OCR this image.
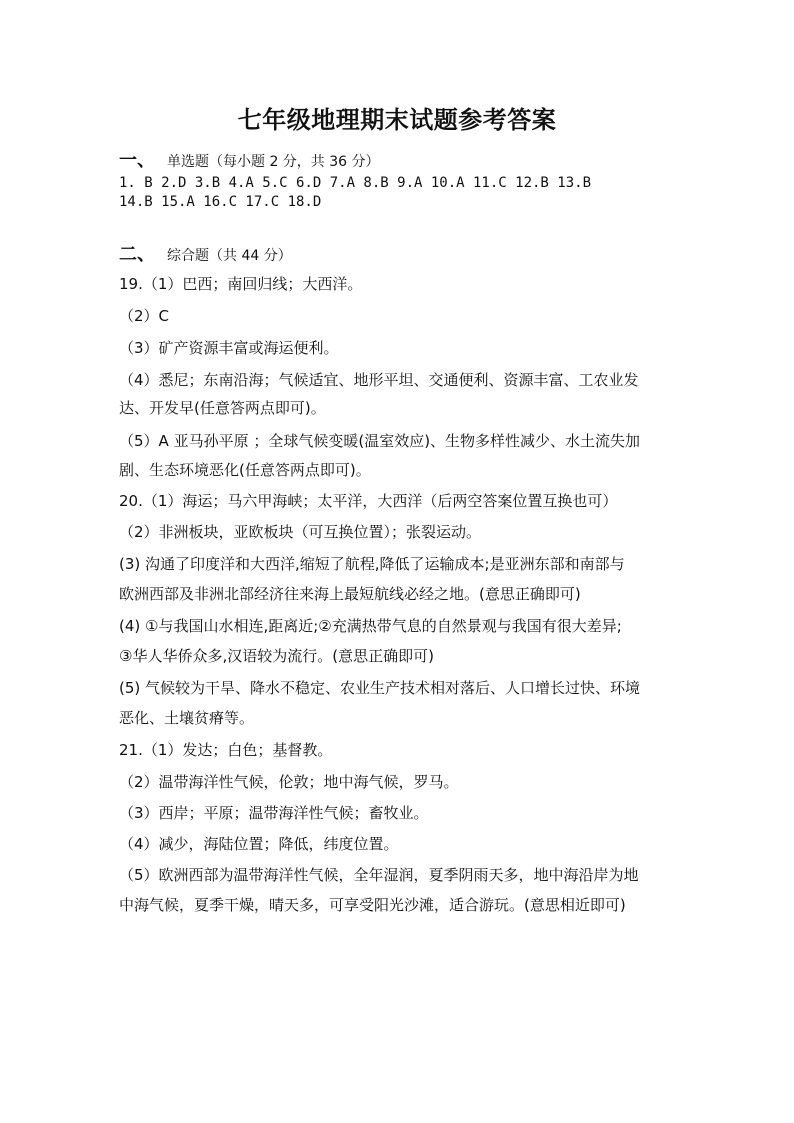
七年级地理期末试题参考答案
一、 单选题（每小题 2 分，共 36 分）
1. B 2.D 3.B 4.A 5.C 6.D 7.A 8.B 9.A 10.A 11.C 12.B 13.B
14.B 15.A 16.C 17.C 18.D
二、 综合题（共 44 分）
19.（1）巴西；南回归线；大西洋。
（2）C
（3）矿产资源丰富或海运便利。
（4）悉尼；东南沿海；气候适宜、地形平坦、交通便利、资源丰富、工农业发
达、开发早(任意答两点即可)。
（5）A 亚马孙平原 ；全球气候变暖(温室效应)、生物多样性减少、水土流失加
剧、生态环境恶化(任意答两点即可)。
20.（1）海运；马六甲海峡；太平洋，大西洋（后两空答案位置互换也可）
（2）非洲板块，亚欧板块（可互换位置）；张裂运动。
(3) 沟通了印度洋和大西洋,缩短了航程,降低了运输成本;是亚洲东部和南部与
欧洲西部及非洲北部经济往来海上最短航线必经之地。(意思正确即可)
(4) ①与我国山水相连,距离近;②充满热带气息的自然景观与我国有很大差异;
③华人华侨众多,汉语较为流行。(意思正确即可)
(5) 气候较为干旱、降水不稳定、农业生产技术相对落后、人口增长过快、环境
恶化、土壤贫瘠等。
21.（1）发达；白色；基督教。
（2）温带海洋性气候，伦敦；地中海气候，罗马。
（3）西岸；平原；温带海洋性气候；畜牧业。
（4）减少，海陆位置；降低，纬度位置。
（5）欧洲西部为温带海洋性气候，全年湿润，夏季阴雨天多，地中海沿岸为地
中海气候，夏季干燥，晴天多，可享受阳光沙滩，适合游玩。(意思相近即可)
